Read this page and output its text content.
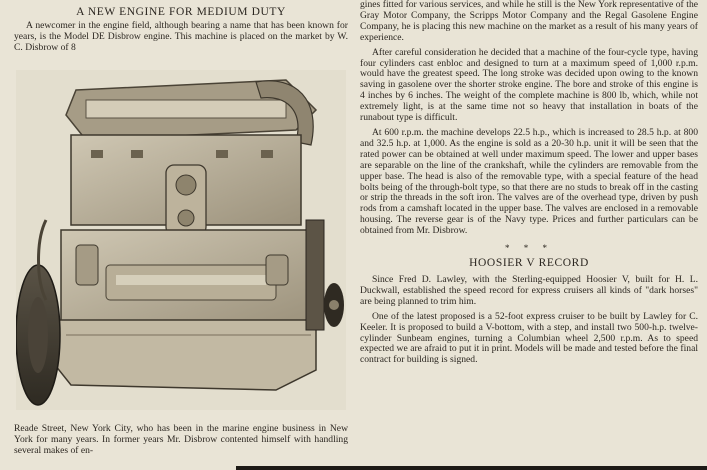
A NEW ENGINE FOR MEDIUM DUTY

A newcomer in the engine field, although bearing a name that has been known for years, is the Model DE Disbrow engine. This machine is placed on the market by W. C. Disbrow of 8

Reade Street, New York City, who has been in the marine engine business in New York for many years. In former years Mr. Disbrow contented himself with handling several makes of en-

gines fitted for various services, and while he still is the New York representative of the Gray Motor Company, the Scripps Motor Company and the Regal Gasolene Engine Company, he is placing this new machine on the market as a result of his many years of experience.

After careful consideration he decided that a machine of the four-cycle type, having four cylinders cast enbloc and designed to turn at a maximum speed of 1,000 r.p.m. would have the greatest speed. The long stroke was decided upon owing to the known saving in gasolene over the shorter stroke engine. The bore and stroke of this engine is 4 inches by 6 inches. The weight of the complete machine is 800 lb, which, while not extremely light, is at the same time not so heavy that installation in boats of the runabout type is difficult.

At 600 r.p.m. the machine develops 22.5 h.p., which is increased to 28.5 h.p. at 800 and 32.5 h.p. at 1,000. As the engine is sold as a 20-30 h.p. unit it will be seen that the rated power can be obtained at well under maximum speed. The lower and upper bases are separable on the line of the crankshaft, while the cylinders are removable from the upper base. The head is also of the removable type, with a special feature of the head bolts being of the through-bolt type, so that there are no studs to break off in the casting or strip the threads in the soft iron. The valves are of the overhead type, driven by push rods from a camshaft located in the upper base. The valves are enclosed in a removable housing. The reverse gear is of the Navy type. Prices and further particulars can be obtained from Mr. Disbrow.

* * *
HOOSIER V RECORD

Since Fred D. Lawley, with the Sterling-equipped Hoosier V, built for H. L. Duckwall, established the speed record for express cruisers all kinds of "dark horses" are being planned to trim him.

One of the latest proposed is a 52-foot express cruiser to be built by Lawley for C. Keeler. It is proposed to build a V-bottom, with a step, and install two 500-h.p. twelve-cylinder Sunbeam engines, turning a Columbian wheel 2,500 r.p.m. As to speed expected we are afraid to put it in print. Models will be made and tested before the final contract for building is signed.
